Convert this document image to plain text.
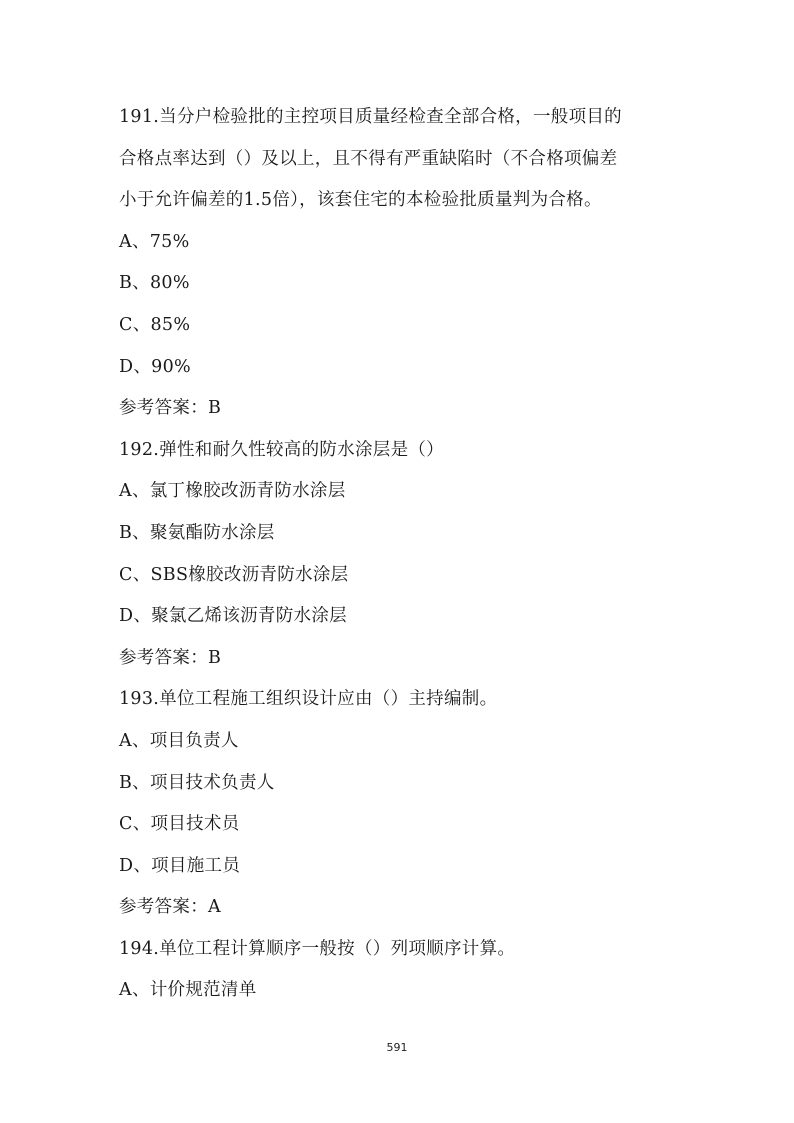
191.当分户检验批的主控项目质量经检查全部合格，一般项目的
合格点率达到（）及以上，且不得有严重缺陷时（不合格项偏差
小于允许偏差的1.5倍），该套住宅的本检验批质量判为合格。
A、75%
B、80%
C、85%
D、90%
参考答案：B
192.弹性和耐久性较高的防水涂层是（）
A、氯丁橡胶改沥青防水涂层
B、聚氨酯防水涂层
C、SBS橡胶改沥青防水涂层
D、聚氯乙烯该沥青防水涂层
参考答案：B
193.单位工程施工组织设计应由（）主持编制。
A、项目负责人
B、项目技术负责人
C、项目技术员
D、项目施工员
参考答案：A
194.单位工程计算顺序一般按（）列项顺序计算。
A、计价规范清单
591
